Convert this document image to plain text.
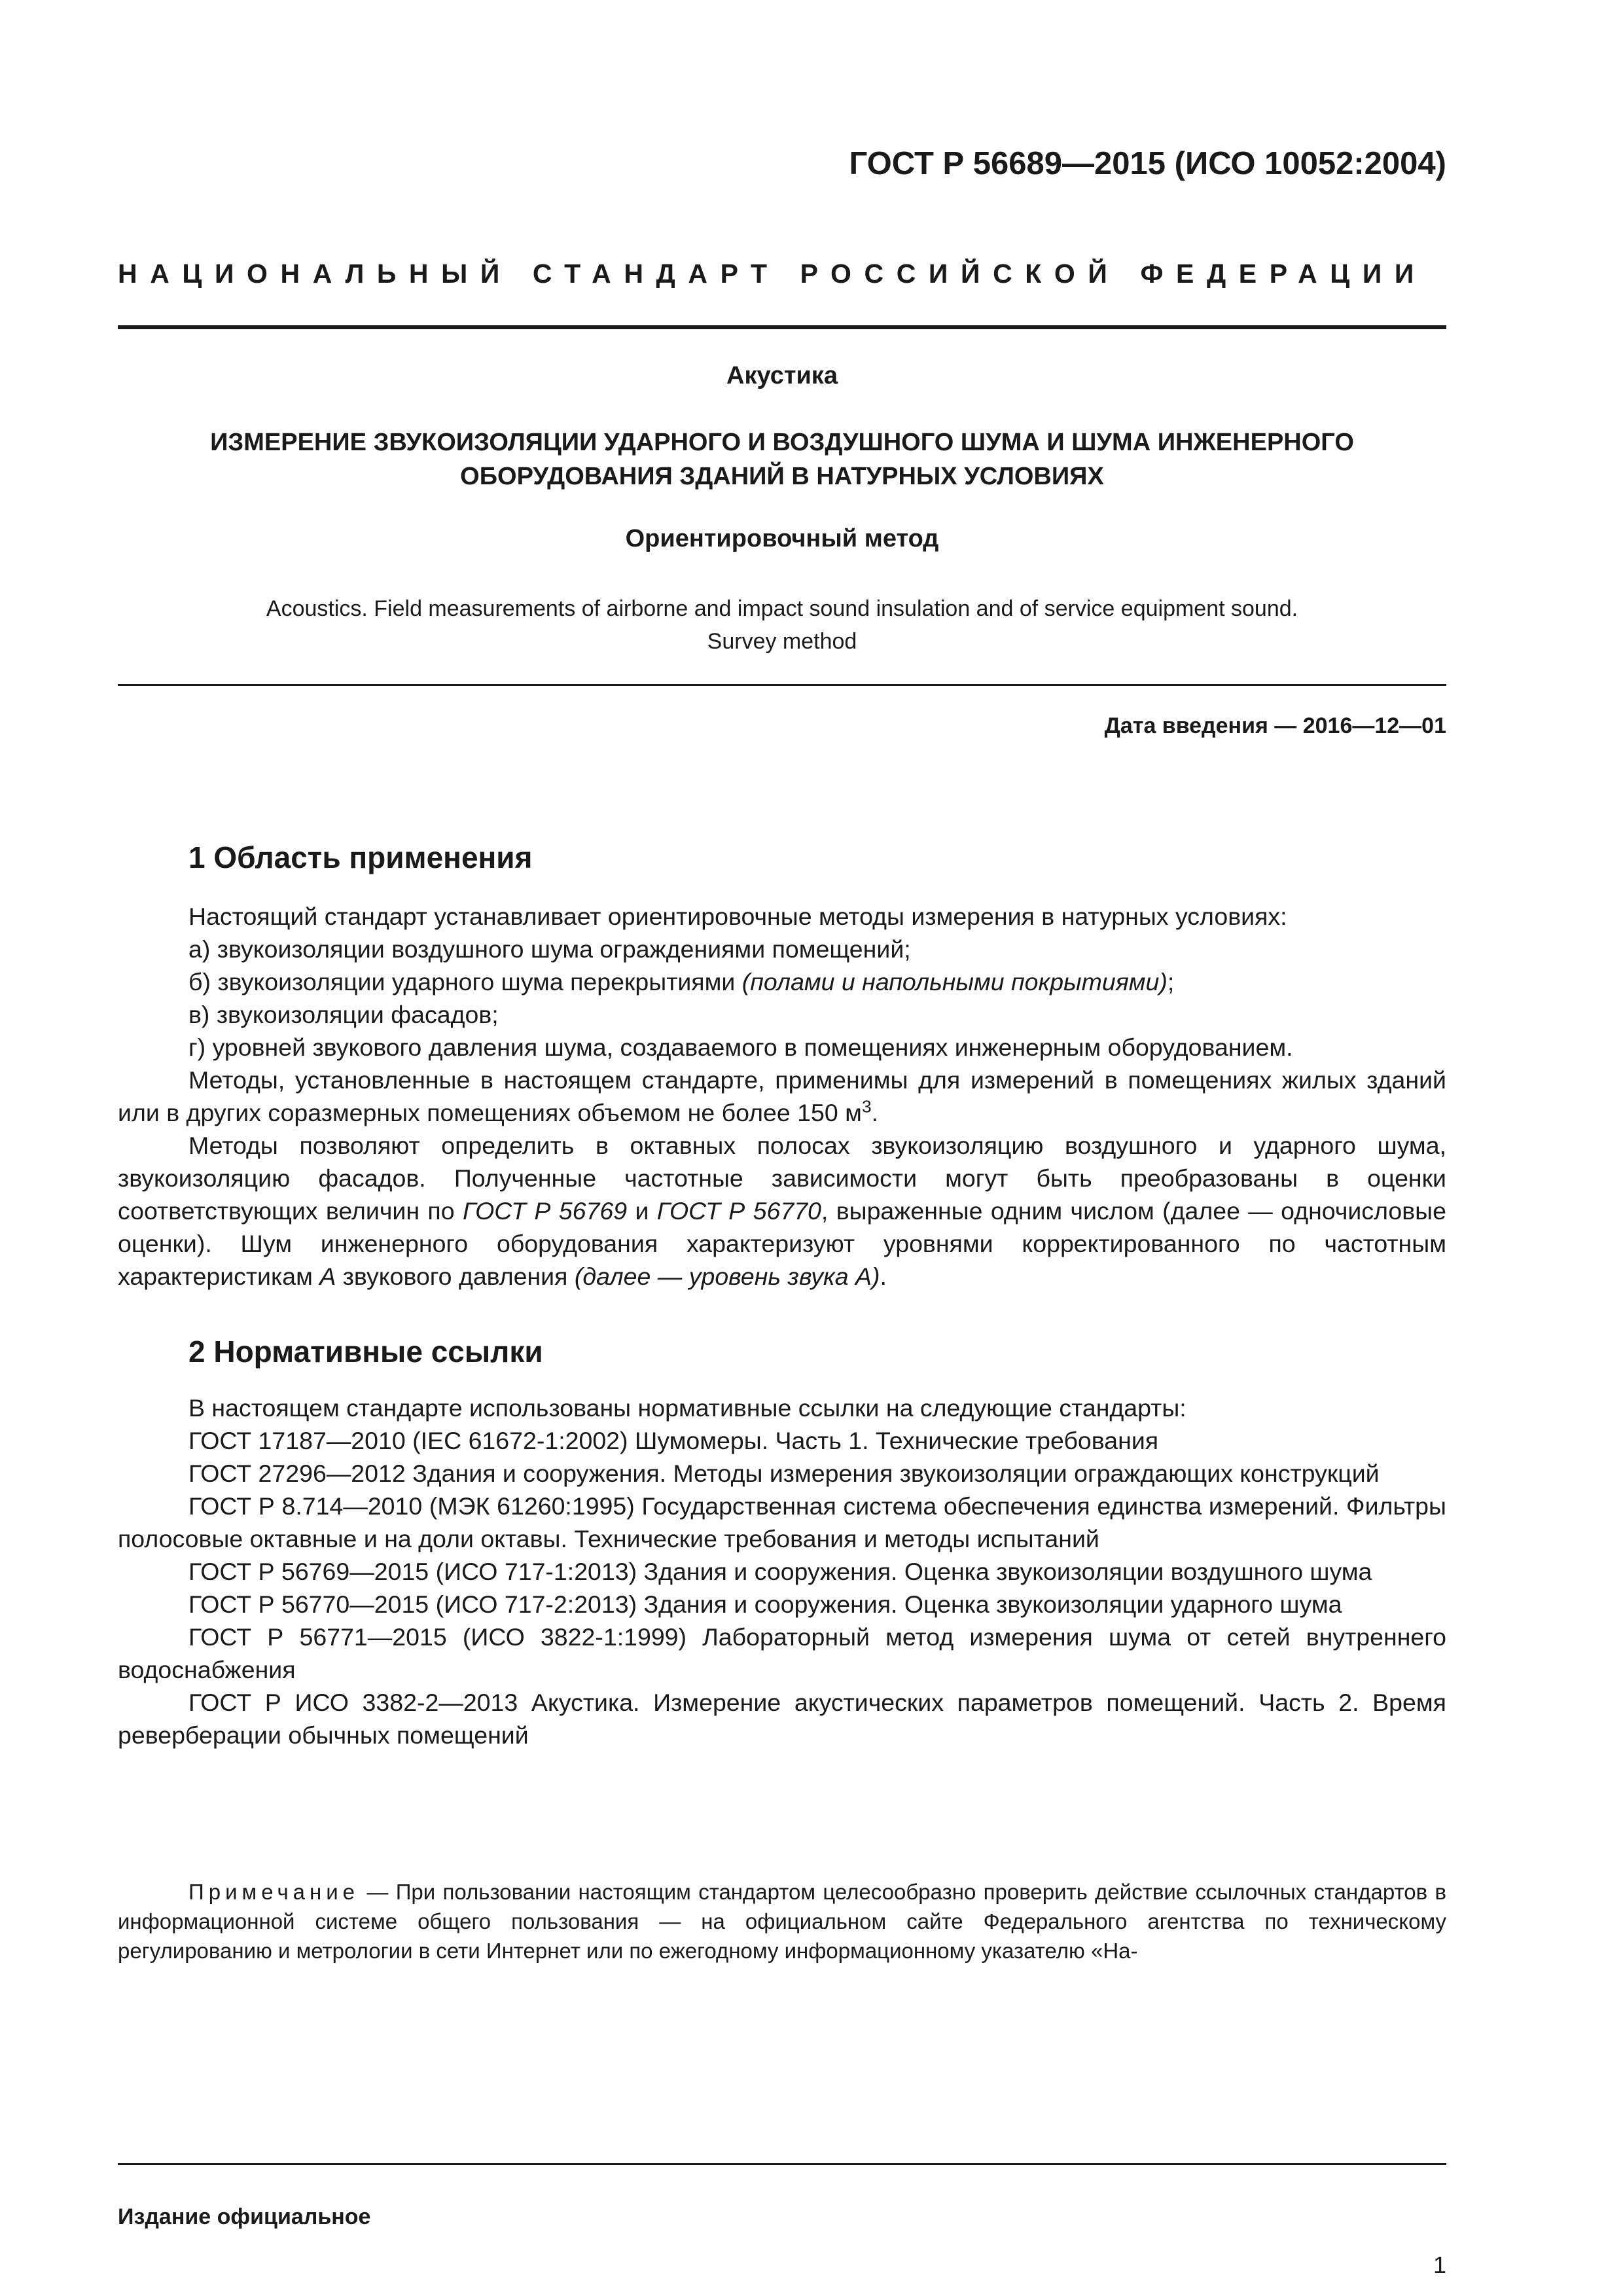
ГОСТ Р 56689—2015 (ИСО 10052:2004)
НАЦИОНАЛЬНЫЙ СТАНДАРТ РОССИЙСКОЙ ФЕДЕРАЦИИ
Акустика
ИЗМЕРЕНИЕ ЗВУКОИЗОЛЯЦИИ УДАРНОГО И ВОЗДУШНОГО ШУМА И ШУМА ИНЖЕНЕРНОГО
ОБОРУДОВАНИЯ ЗДАНИЙ В НАТУРНЫХ УСЛОВИЯХ
Ориентировочный метод
Acoustics. Field measurements of airborne and impact sound insulation and of service equipment sound.
Survey method
Дата введения — 2016—12—01
1 Область применения

Настоящий стандарт устанавливает ориентировочные методы измерения в натурных условиях:

а) звукоизоляции воздушного шума ограждениями помещений;

б) звукоизоляции ударного шума перекрытиями (полами и напольными покрытиями);

в) звукоизоляции фасадов;

г) уровней звукового давления шума, создаваемого в помещениях инженерным оборудованием.

Методы, установленные в настоящем стандарте, применимы для измерений в помещениях жилых зданий или в других соразмерных помещениях объемом не более 150 $м^3$.

Методы позволяют определить в октавных полосах звукоизоляцию воздушного и ударного шума, звукоизоляцию фасадов. Полученные частотные зависимости могут быть преобразованы в оценки соответствующих величин по ГОСТ Р 56769 и ГОСТ Р 56770, выраженные одним числом (далее — одночисловые оценки). Шум инженерного оборудования характеризуют уровнями корректированного по частотным характеристикам А звукового давления (далее — уровень звука А).

2 Нормативные ссылки

В настоящем стандарте использованы нормативные ссылки на следующие стандарты:

ГОСТ 17187—2010 (IEC 61672-1:2002) Шумомеры. Часть 1. Технические требования

ГОСТ 27296—2012 Здания и сооружения. Методы измерения звукоизоляции ограждающих конструкций

ГОСТ Р 8.714—2010 (МЭК 61260:1995) Государственная система обеспечения единства измерений. Фильтры полосовые октавные и на доли октавы. Технические требования и методы испытаний

ГОСТ Р 56769—2015 (ИСО 717-1:2013) Здания и сооружения. Оценка звукоизоляции воздушного шума

ГОСТ Р 56770—2015 (ИСО 717-2:2013) Здания и сооружения. Оценка звукоизоляции ударного шума

ГОСТ Р 56771—2015 (ИСО 3822-1:1999) Лабораторный метод измерения шума от сетей внутреннего водоснабжения

ГОСТ Р ИСО 3382-2—2013 Акустика. Измерение акустических параметров помещений. Часть 2. Время реверберации обычных помещений

Примечание — При пользовании настоящим стандартом целесообразно проверить действие ссылочных стандартов в информационной системе общего пользования — на официальном сайте Федерального агентства по техническому регулированию и метрологии в сети Интернет или по ежегодному информационному указателю «На-

Издание официальное
1
